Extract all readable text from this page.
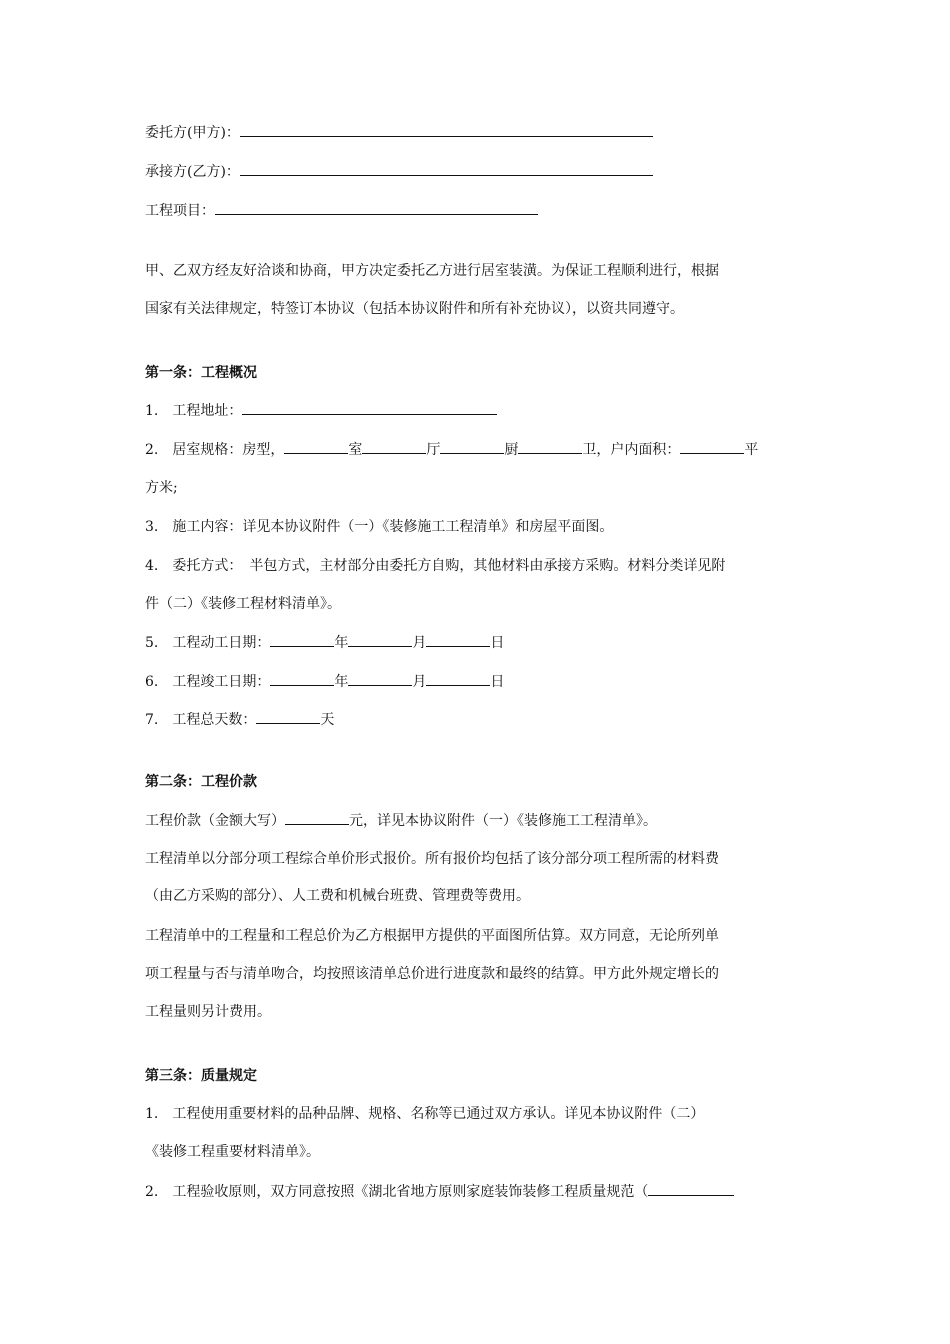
委托方(甲方)：
承接方(乙方)：
工程项目：
甲、乙双方经友好洽谈和协商，甲方决定委托乙方进行居室装潢。为保证工程顺利进行，根据
国家有关法律规定，特签订本协议（包括本协议附件和所有补充协议），以资共同遵守。
第一条：工程概况
1.　工程地址：
2.　居室规格：房型，	室	厅	厨	卫，户内面积：	平
方米;
3.　施工内容：详见本协议附件（一）《装修施工工程清单》和房屋平面图。
4.　委托方式：　半包方式，主材部分由委托方自购，其他材料由承接方采购。材料分类详见附
件（二）《装修工程材料清单》。
5.　工程动工日期：	年	月	日
6.　工程竣工日期：	年	月	日
7.　工程总天数：	天
第二条：工程价款
工程价款（金额大写）	元，详见本协议附件（一）《装修施工工程清单》。
工程清单以分部分项工程综合单价形式报价。所有报价均包括了该分部分项工程所需的材料费
（由乙方采购的部分）、人工费和机械台班费、管理费等费用。
工程清单中的工程量和工程总价为乙方根据甲方提供的平面图所估算。双方同意，无论所列单
项工程量与否与清单吻合，均按照该清单总价进行进度款和最终的结算。甲方此外规定增长的
工程量则另计费用。
第三条：质量规定
1.　工程使用重要材料的品种品牌、规格、名称等已通过双方承认。详见本协议附件（二）
《装修工程重要材料清单》。
2.　工程验收原则，双方同意按照《湖北省地方原则家庭装饰装修工程质量规范（
